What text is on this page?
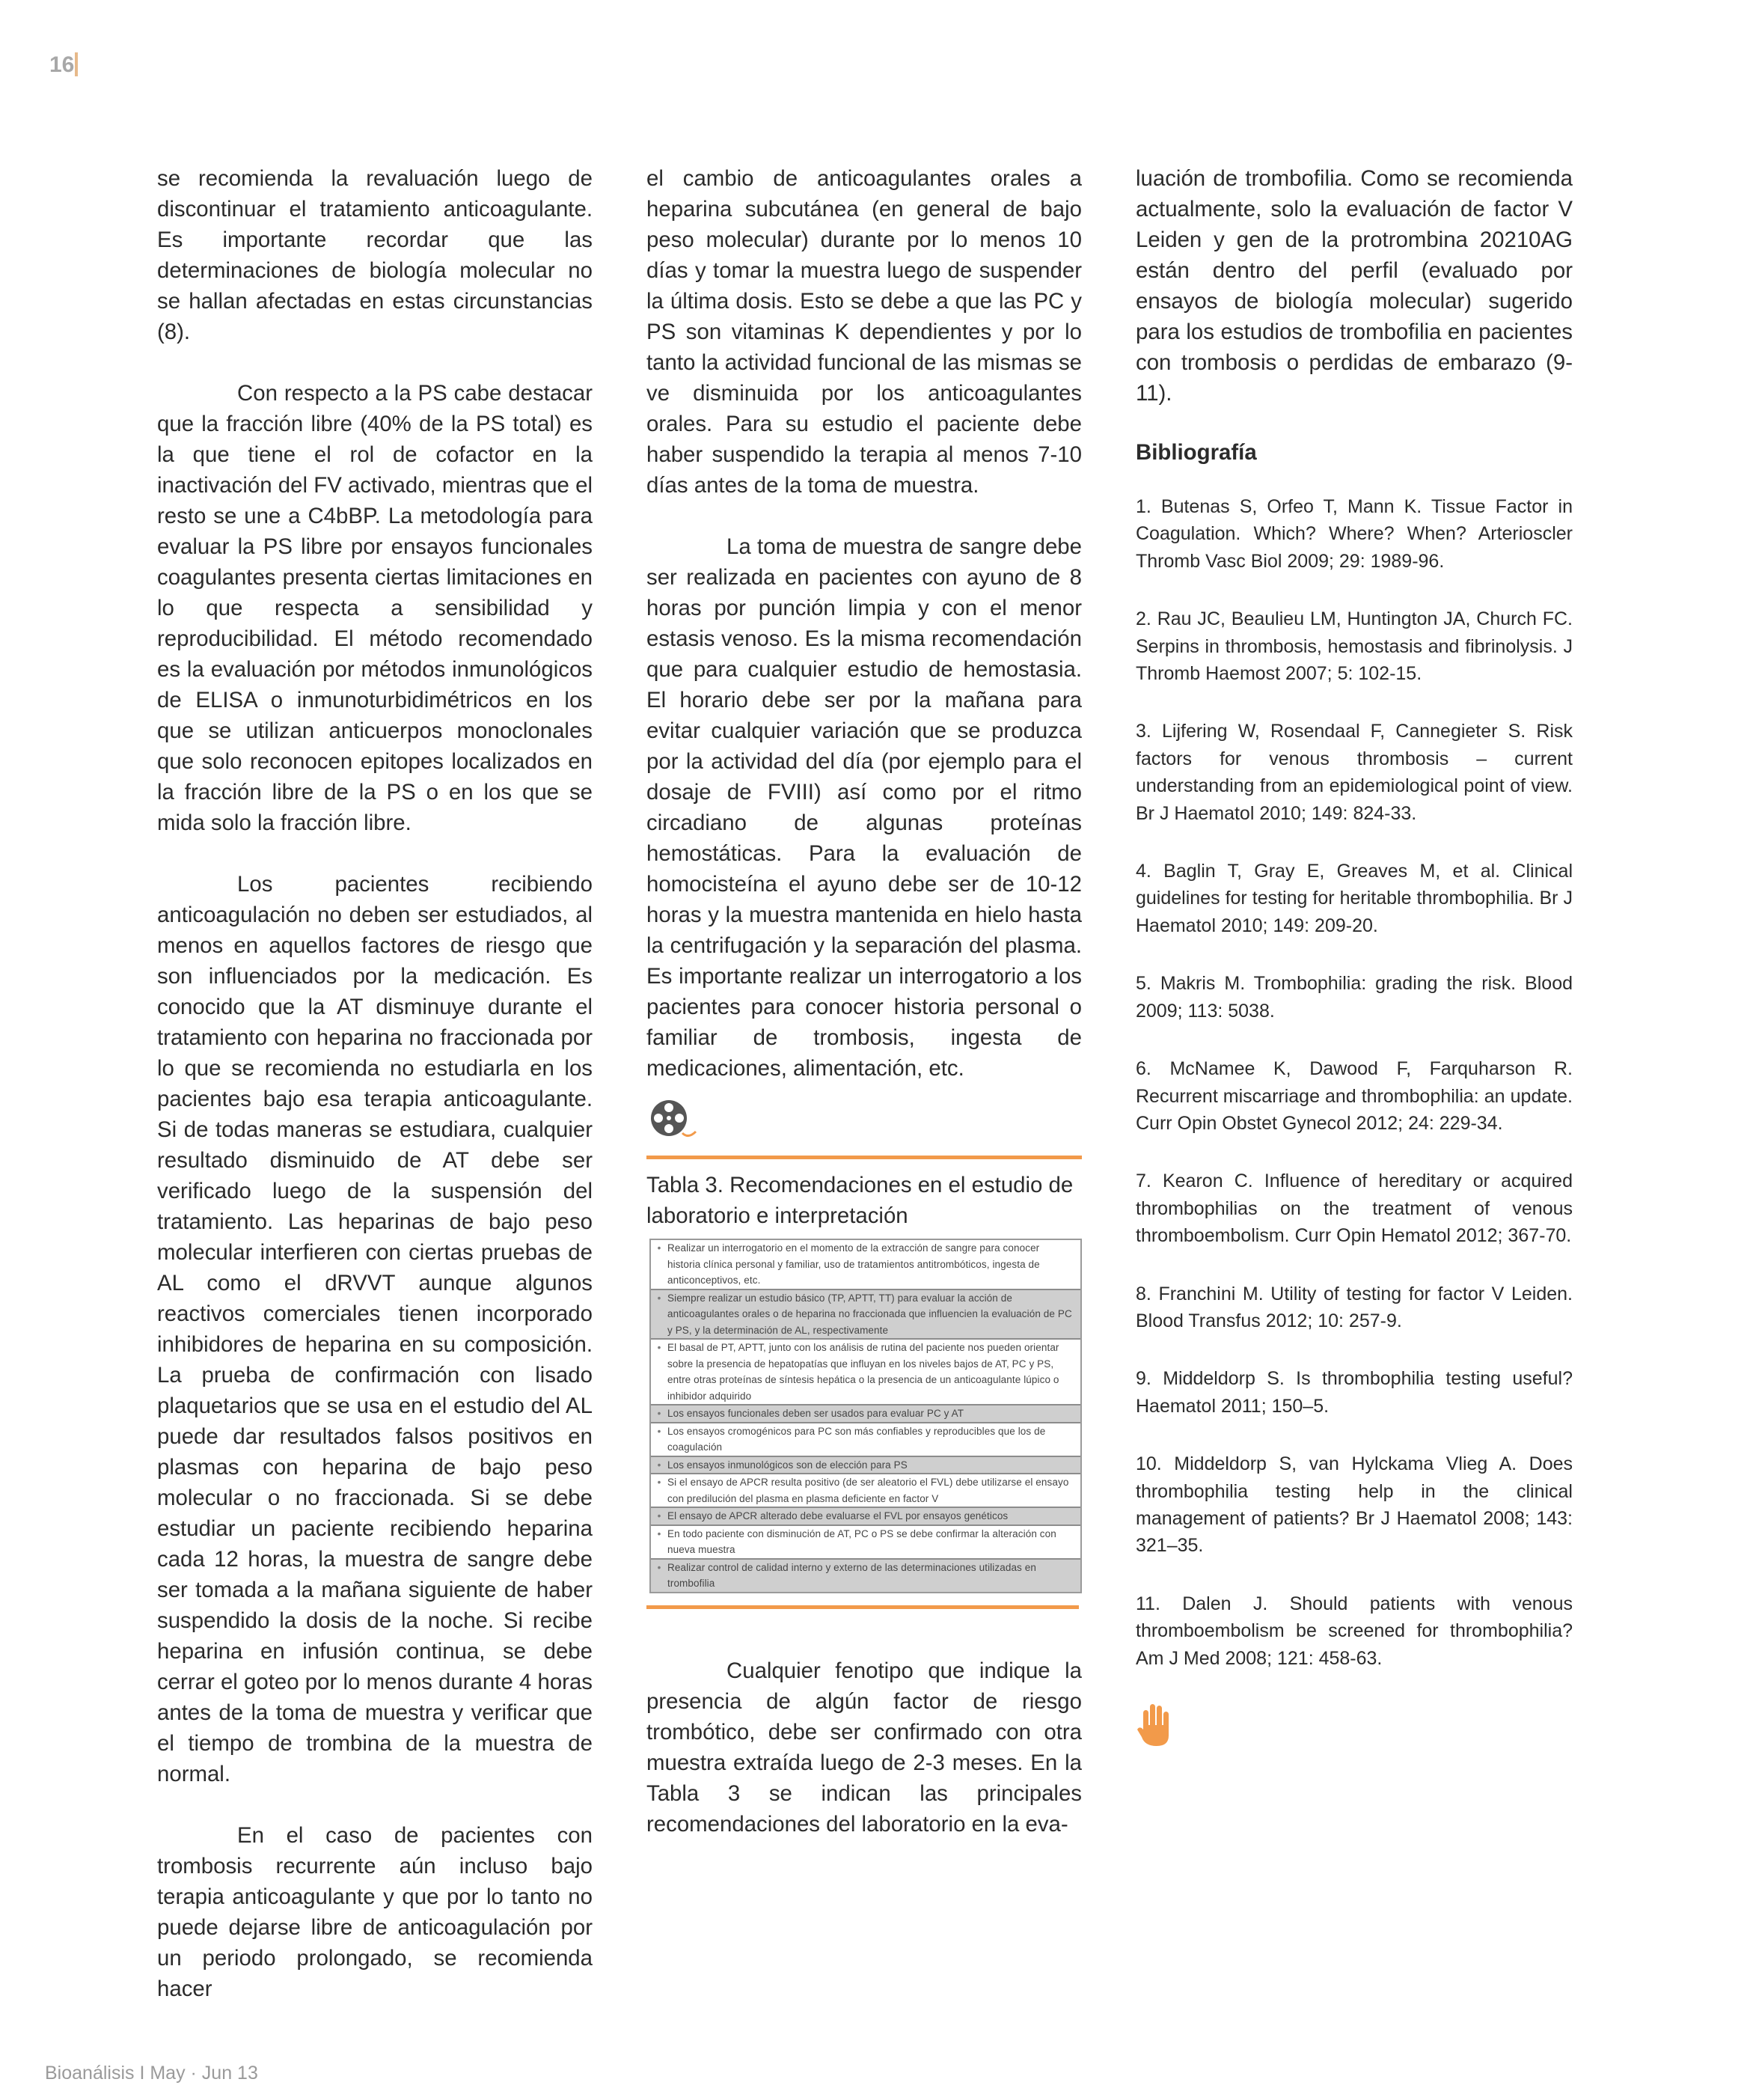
16

se recomienda la revaluación luego de discontinuar el tratamiento anticoagulante. Es importante recordar que las determinaciones de biología molecular no se hallan afectadas en estas circunstancias (8).

Con respecto a la PS cabe destacar que la fracción libre (40% de la PS total) es la que tiene el rol de cofactor en la inactivación del FV activado, mientras que el resto se une a C4bBP. La metodología para evaluar la PS libre por ensayos funcionales coagulantes presenta ciertas limitaciones en lo que respecta a sensibilidad y reproducibilidad. El método recomendado es la evaluación por métodos inmunológicos de ELISA o inmunoturbidimétricos en los que se utilizan anticuerpos monoclonales que solo reconocen epitopes localizados en la fracción libre de la PS o en los que se mida solo la fracción libre.

Los pacientes recibiendo anticoagulación no deben ser estudiados, al menos en aquellos factores de riesgo que son influenciados por la medicación. Es conocido que la AT disminuye durante el tratamiento con heparina no fraccionada por lo que se recomienda no estudiarla en los pacientes bajo esa terapia anticoagulante. Si de todas maneras se estudiara, cualquier resultado disminuido de AT debe ser verificado luego de la suspensión del tratamiento. Las heparinas de bajo peso molecular interfieren con ciertas pruebas de AL como el dRVVT aunque algunos reactivos comerciales tienen incorporado inhibidores de heparina en su composición. La prueba de confirmación con lisado plaquetarios que se usa en el estudio del AL puede dar resultados falsos positivos en plasmas con heparina de bajo peso molecular o no fraccionada. Si se debe estudiar un paciente recibiendo heparina cada 12 horas, la muestra de sangre debe ser tomada a la mañana siguiente de haber suspendido la dosis de la noche. Si recibe heparina en infusión continua, se debe cerrar el goteo por lo menos durante 4 horas antes de la toma de muestra y verificar que el tiempo de trombina de la muestra de normal.

En el caso de pacientes con trombosis recurrente aún incluso bajo terapia anticoagulante y que por lo tanto no puede dejarse libre de anticoagulación por un periodo prolongado, se recomienda hacer

el cambio de anticoagulantes orales a heparina subcutánea (en general de bajo peso molecular) durante por lo menos 10 días y tomar la muestra luego de suspender la última dosis. Esto se debe a que las PC y PS son vitaminas K dependientes y por lo tanto la actividad funcional de las mismas se ve disminuida por los anticoagulantes orales. Para su estudio el paciente debe haber suspendido la terapia al menos 7-10 días antes de la toma de muestra.

La toma de muestra de sangre debe ser realizada en pacientes con ayuno de 8 horas por punción limpia y con el menor estasis venoso. Es la misma recomendación que para cualquier estudio de hemostasia. El horario debe ser por la mañana para evitar cualquier variación que se produzca por la actividad del día (por ejemplo para el dosaje de FVIII) así como por el ritmo circadiano de algunas proteínas hemostáticas. Para la evaluación de homocisteína el ayuno debe ser de 10-12 horas y la muestra mantenida en hielo hasta la centrifugación y la separación del plasma. Es importante realizar un interrogatorio a los pacientes para conocer historia personal o familiar de trombosis, ingesta de medicaciones, alimentación, etc.

Tabla 3. Recomendaciones en el estudio de laboratorio e interpretación
• Realizar un interrogatorio en el momento de la extracción de sangre para conocer historia clínica personal y familiar, uso de tratamientos antitrombóticos, ingesta de anticonceptivos, etc.
• Siempre realizar un estudio básico (TP, APTT, TT) para evaluar la acción de anticoagulantes orales o de heparina no fraccionada que influencien la evaluación de PC y PS, y la determinación de AL, respectivamente
• El basal de PT, APTT, junto con los análisis de rutina del paciente nos pueden orientar sobre la presencia de hepatopatías que influyan en los niveles bajos de AT, PC y PS, entre otras proteínas de síntesis hepática o la presencia de un anticoagulante lúpico o inhibidor adquirido
• Los ensayos funcionales deben ser usados para evaluar PC y AT
• Los ensayos cromogénicos para PC son más confiables y reproducibles que los de coagulación
• Los ensayos inmunológicos son de elección para PS
• Si el ensayo de APCR resulta positivo (de ser aleatorio el FVL) debe utilizarse el ensayo con predilución del plasma en plasma deficiente en factor V
• El ensayo de APCR alterado debe evaluarse el FVL por ensayos genéticos
• En todo paciente con disminución de AT, PC o PS se debe confirmar la alteración con nueva muestra
• Realizar control de calidad interno y externo de las determinaciones utilizadas en trombofilia

Cualquier fenotipo que indique la presencia de algún factor de riesgo trombótico, debe ser confirmado con otra muestra extraída luego de 2-3 meses. En la Tabla 3 se indican las principales recomendaciones del laboratorio en la eva-

luación de trombofilia. Como se recomienda actualmente, solo la evaluación de factor V Leiden y gen de la protrombina 20210AG están dentro del perfil (evaluado por ensayos de biología molecular) sugerido para los estudios de trombofilia en pacientes con trombosis o perdidas de embarazo (9-11).

Bibliografía

1. Butenas S, Orfeo T, Mann K. Tissue Factor in Coagulation. Which? Where? When? Arterioscler Thromb Vasc Biol 2009; 29: 1989-96.

2. Rau JC, Beaulieu LM, Huntington JA, Church FC. Serpins in thrombosis, hemostasis and fibrinolysis. J Thromb Haemost 2007; 5: 102-15.

3. Lijfering W, Rosendaal F, Cannegieter S. Risk factors for venous thrombosis – current understanding from an epidemiological point of view. Br J Haematol 2010; 149: 824-33.

4. Baglin T, Gray E, Greaves M, et al. Clinical guidelines for testing for heritable thrombophilia. Br J Haematol 2010; 149: 209-20.

5. Makris M. Trombophilia: grading the risk. Blood 2009; 113: 5038.

6. McNamee K, Dawood F, Farquharson R. Recurrent miscarriage and thrombophilia: an update. Curr Opin Obstet Gynecol 2012; 24: 229-34.

7. Kearon C. Influence of hereditary or acquired thrombophilias on the treatment of venous thromboembolism. Curr Opin Hematol 2012; 367-70.

8. Franchini M. Utility of testing for factor V Leiden. Blood Transfus 2012; 10: 257-9.

9. Middeldorp S. Is thrombophilia testing useful? Haematol 2011; 150–5.

10. Middeldorp S, van Hylckama Vlieg A. Does thrombophilia testing help in the clinical management of patients? Br J Haematol 2008; 143: 321–35.

11. Dalen J. Should patients with venous thromboembolism be screened for thrombophilia? Am J Med 2008; 121: 458-63.

Bioanálisis I May · Jun 13
